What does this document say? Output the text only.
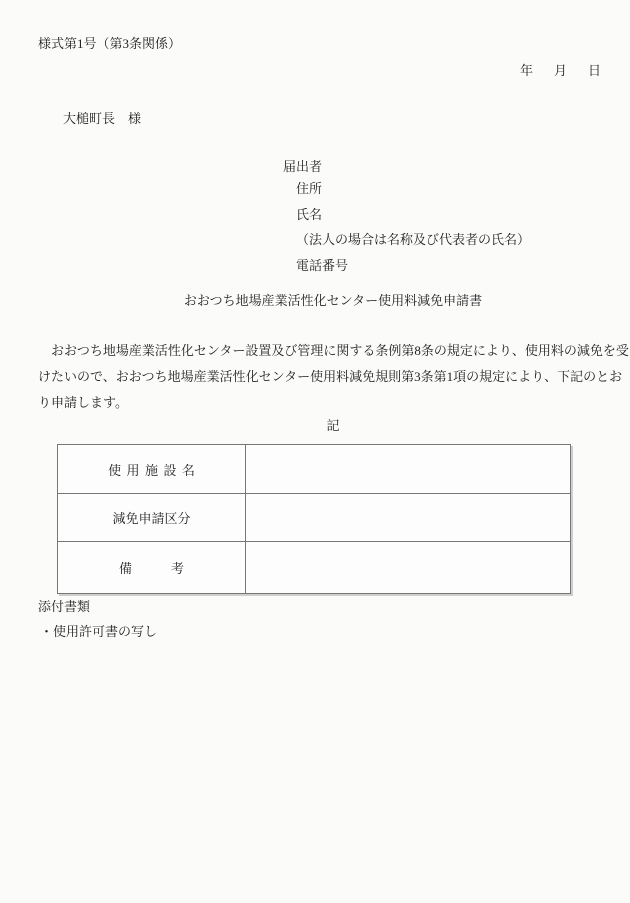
様式第1号（第3条関係）
年 月 日
大槌町長　様
届出者
住所
氏名
（法人の場合は名称及び代表者の氏名）
電話番号
おおつち地場産業活性化センター使用料減免申請書
　おおつち地場産業活性化センター設置及び管理に関する条例第8条の規定により、使用料の減免を受
けたいので、おおつち地場産業活性化センター使用料減免規則第3条第1項の規定により、下記のとお
り申請します。
記
使用施設名	
減免申請区分	
備　　　考	
添付書類
・使用許可書の写し
